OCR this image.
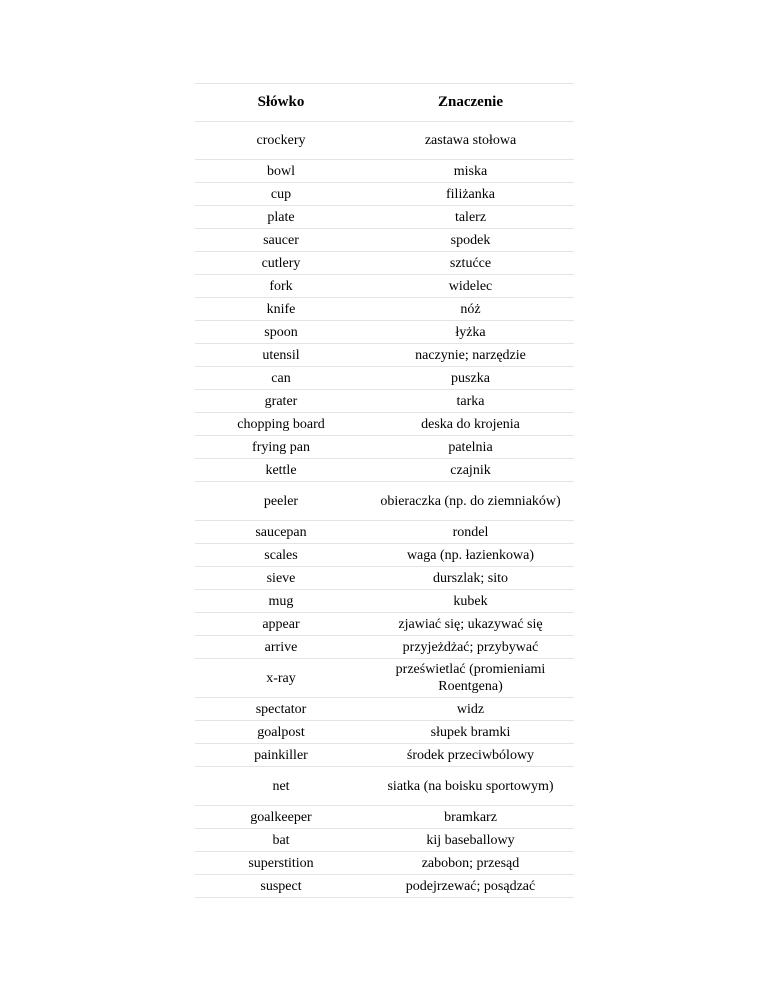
Słówko	Znaczenie
crockery	zastawa stołowa
bowl	miska
cup	filiżanka
plate	talerz
saucer	spodek
cutlery	sztućce
fork	widelec
knife	nóż
spoon	łyżka
utensil	naczynie; narzędzie
can	puszka
grater	tarka
chopping board	deska do krojenia
frying pan	patelnia
kettle	czajnik
peeler	obieraczka (np. do ziemniaków)
saucepan	rondel
scales	waga (np. łazienkowa)
sieve	durszlak; sito
mug	kubek
appear	zjawiać się; ukazywać się
arrive	przyjeżdżać; przybywać
x-ray	prześwietlać (promieniami Roentgena)
spectator	widz
goalpost	słupek bramki
painkiller	środek przeciwbólowy
net	siatka (na boisku sportowym)
goalkeeper	bramkarz
bat	kij baseballowy
superstition	zabobon; przesąd
suspect	podejrzewać; posądzać
